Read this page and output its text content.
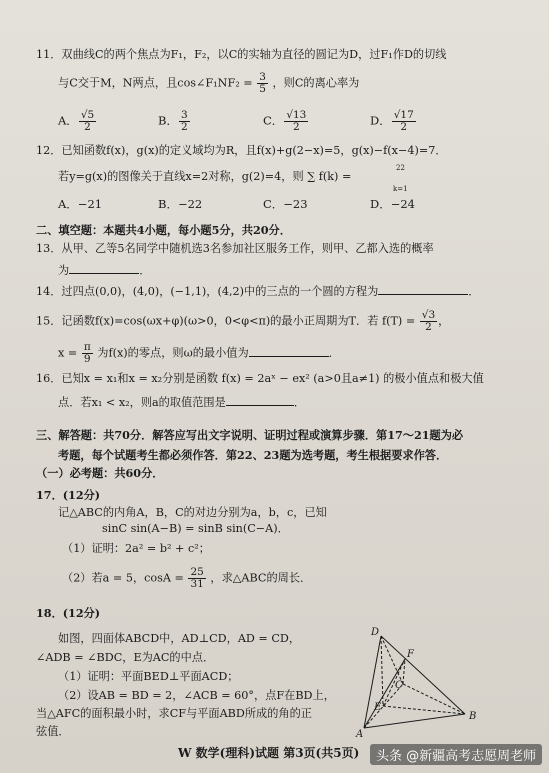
11．双曲线C的两个焦点为F₁，F₂，以C的实轴为直径的圆记为D，过F₁作D的切线
与C交于M，N两点，且cos∠F₁NF₂ = $\frac{3}{5}$ ，则C的离心率为
A． $\frac{√5}{2}$	B． $\frac{3}{2}$	C． $\frac{√13}{2}$	D． $\frac{√17}{2}$
12．已知函数f(x)，g(x)的定义域均为R，且f(x)+g(2−x)=5，g(x)−f(x−4)=7．
若y=g(x)的图像关于直线x=2对称，g(2)=4，则 ∑ f(k) =
22
k=1
A．−21	B．−22	C．−23	D．−24
二、填空题：本题共4小题，每小题5分，共20分．
13．从甲、乙等5名同学中随机选3名参加社区服务工作，则甲、乙都入选的概率
为	．
14．过四点(0,0)，(4,0)，(−1,1)，(4,2)中的三点的一个圆的方程为	．
15．记函数f(x)=cos(ωx+φ)(ω>0，0<φ<π)的最小正周期为T．若 $f(T) = \frac{√3}{2}$ ，
$x = \frac{\pi}{9}$ 为f(x)的零点，则ω的最小值为	．
16．已知x = x₁和x = x₂分别是函数 f(x) = 2aˣ − ex² (a>0且a≠1) 的极小值点和极大值
点．若x₁ < x₂，则a的取值范围是	．
三、解答题：共70分．解答应写出文字说明、证明过程或演算步骤．第17～21题为必
考题，每个试题考生都必须作答．第22、23题为选考题，考生根据要求作答．
（一）必考题：共60分．
17．(12分)
记△ABC的内角A，B，C的对边分别为a，b，c，已知
sinC sin(A−B) = sinB sin(C−A)．
（1）证明：2a² = b² + c²；
（2）若a = 5，$\cos A = \frac{25}{31}$ ，求△ABC的周长．
18．(12分)
如图，四面体ABCD中，AD⊥CD，AD = CD，
∠ADB = ∠BDC，E为AC的中点．
（1）证明：平面BED⊥平面ACD；
（2）设AB = BD = 2，∠ACB = 60°，点F在BD上，
当△AFC的面积最小时，求CF与平面ABD所成的角的正
弦值．
D
F
C
E
A
B
W 数学(理科)试题 第3页(共5页)	头条 @新疆高考志愿周老师
